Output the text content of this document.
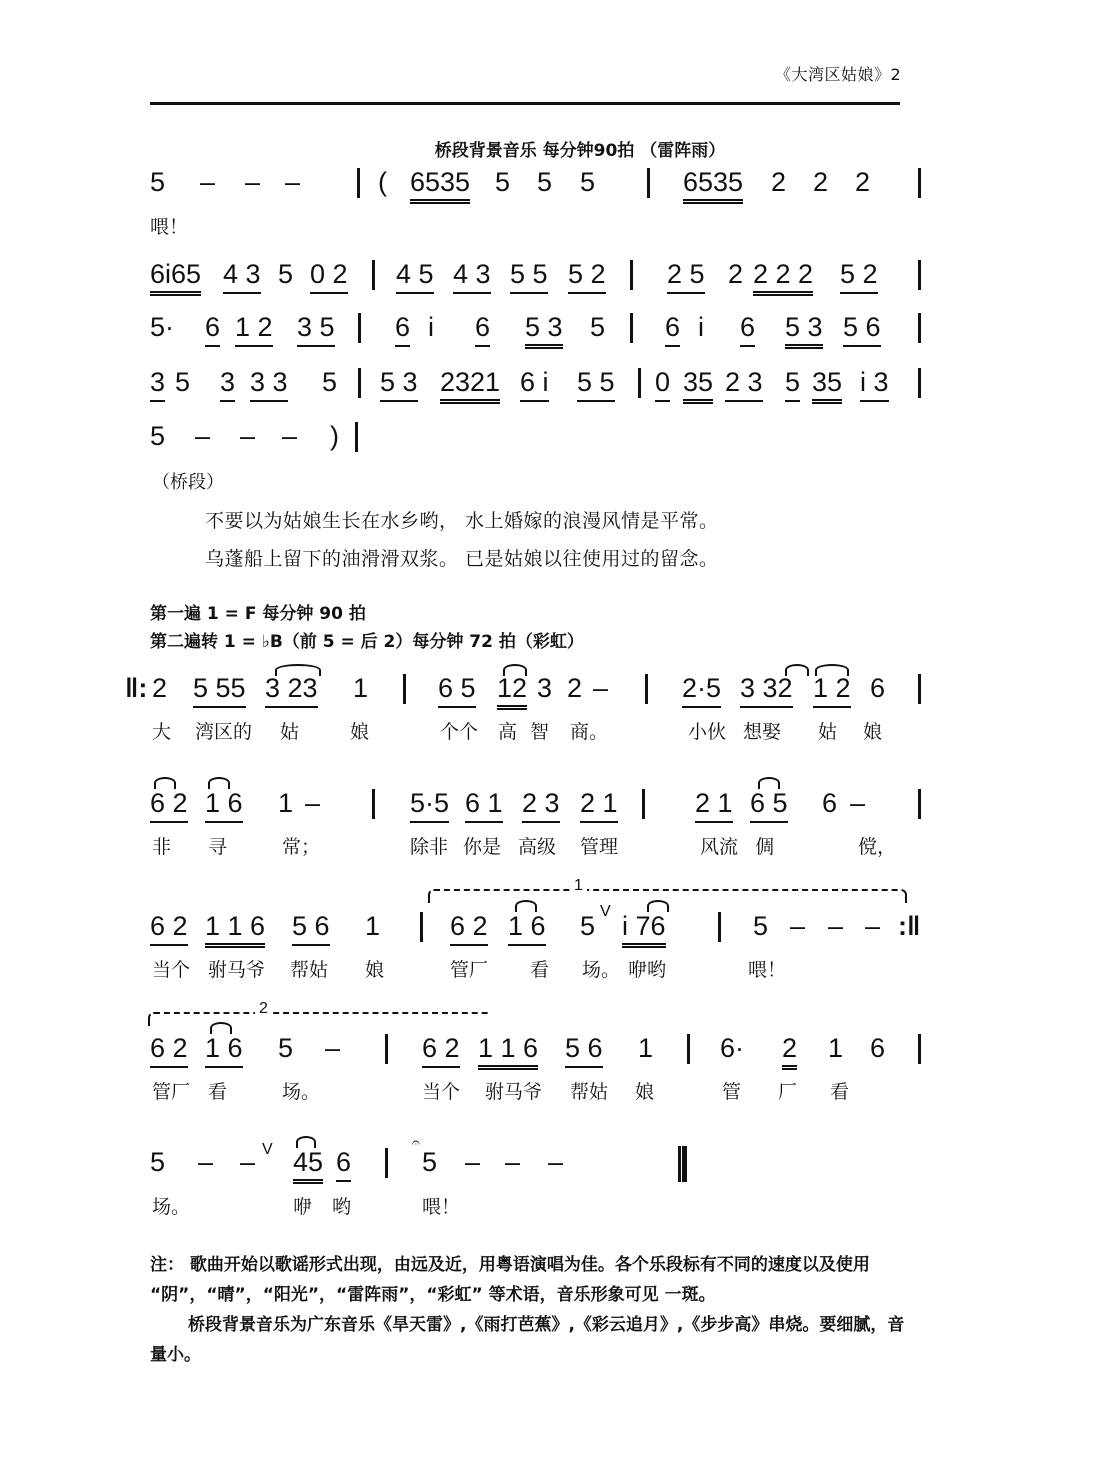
《大湾区姑娘》2
桥段背景音乐 每分钟90拍 （雷阵雨）
5 – – –	( 6535 5 5 5	6535 2 2 2
喂！
6i65 4 3 5 0 2 4 5 4 3 5 5 5 2 2 5 2 2 2 2 5 2
5· 6 1 2 3 5 6 i 6 5 3 5 6 i 6 5 3 5 6
3 5 3 3 3 5 5 3 2321 6 i 5 5 0 35 2 3 5 35 i 3
5 – – – )
（桥段）
不要以为姑娘生长在水乡哟， 水上婚嫁的浪漫风情是平常。
乌蓬船上留下的油滑滑双浆。 已是姑娘以往使用过的留念。
第一遍 1 = F 每分钟 90 拍
第二遍转 1 = ♭B（前 5 = 后 2）每分钟 72 拍（彩虹）
‖: 2 5 55 3 23 1	6 5 12 3 2 –	2·5 3 32 1 2 6
大 湾区的 姑	娘	个个 高 智 商。	小伙 想娶 姑 娘
6 2 1 6 1 –	5·5 6 1 2 3 2 1	2 1 6 5 6 –
非 寻	常；	除非 你是 高级 管理	风流 倜	傥，
1
6 2 1 1 6 5 6 1	6 2 1 6 5 V i 76	5 – – – :‖
当个 驸马爷 帮姑 娘	管厂 看 场。 咿哟	喂！
2
6 2 1 6 5 –	6 2 1 1 6 5 6 1 6· 2 1 6
管厂 看	场。	当个 驸马爷 帮姑 娘	管 厂 看
5 – – V 45 6
𝄐
5 – – –
场。	咿 哟	喂！

注： 歌曲开始以歌谣形式出现，由远及近，用粤语演唱为佳。各个乐段标有不同的速度以及使用 “阴”，“晴”，“阳光”，“雷阵雨”，“彩虹” 等术语，音乐形象可见 一斑。

桥段背景音乐为广东音乐《旱天雷》,《雨打芭蕉》,《彩云追月》,《步步高》串烧。要细腻，音量小。
